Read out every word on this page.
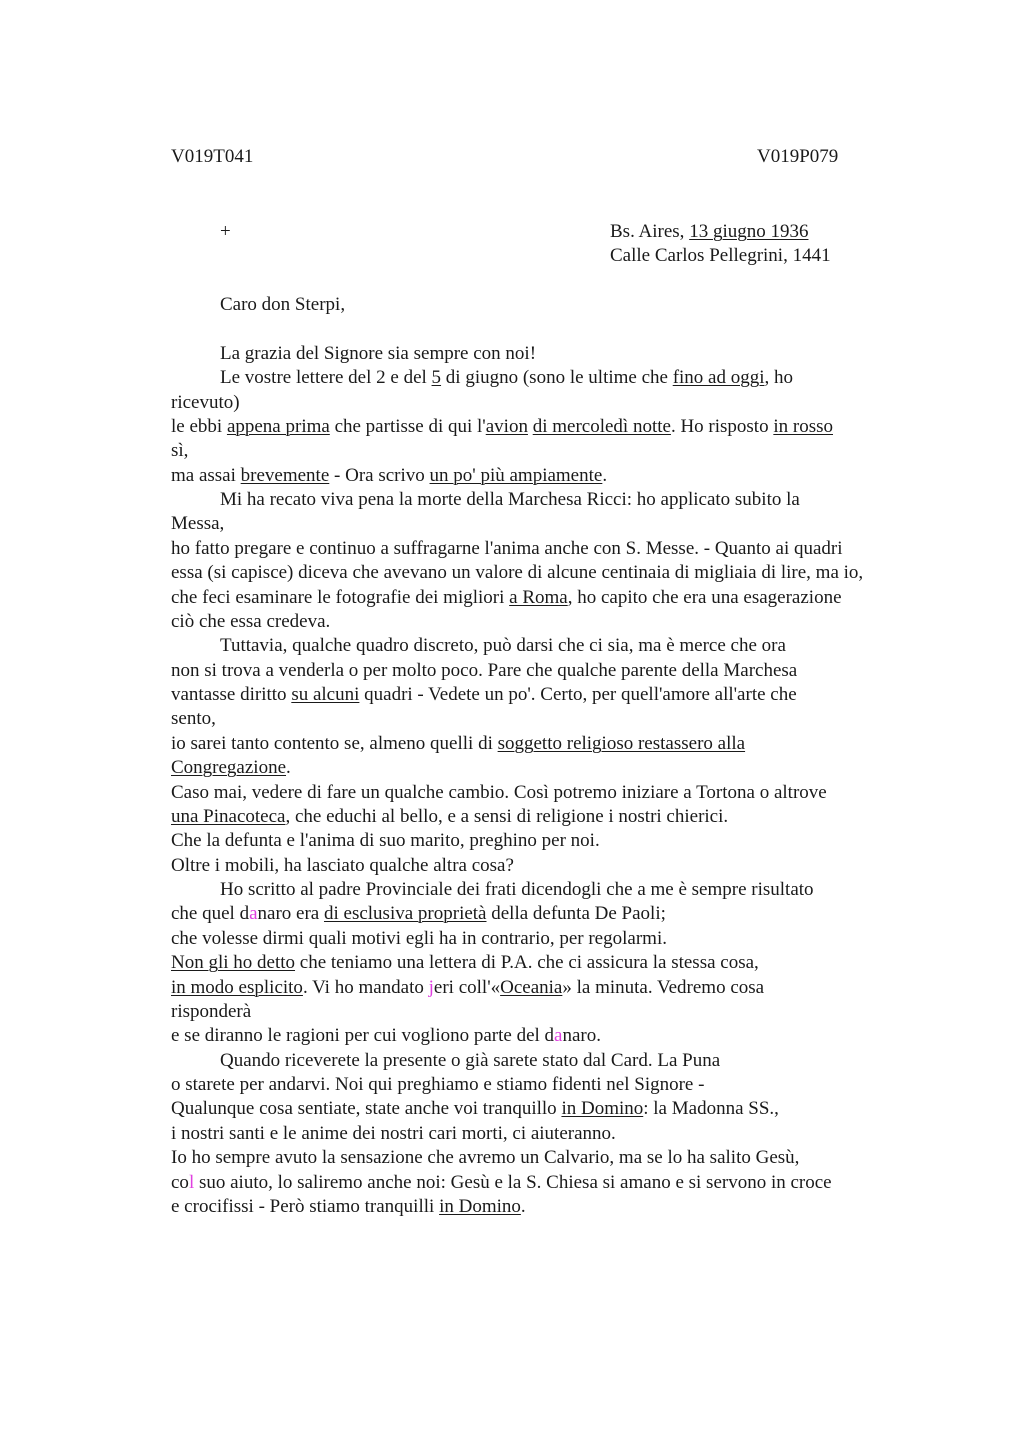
V019T041	V019P079
+	Bs. Aires, 13 giugno 1936
Calle Carlos Pellegrini, 1441
Caro don Sterpi,
La grazia del Signore sia sempre con noi!
Le vostre lettere del 2 e del 5 di giugno (sono le ultime che fino ad oggi, ho
ricevuto)
le ebbi appena prima che partisse di qui l'avion di mercoledì notte. Ho risposto in rosso
sì,
ma assai brevemente - Ora scrivo un po' più ampiamente.
Mi ha recato viva pena la morte della Marchesa Ricci: ho applicato subito la
Messa,
ho fatto pregare e continuo a suffragarne l'anima anche con S. Messe. - Quanto ai quadri
essa (si capisce) diceva che avevano un valore di alcune centinaia di migliaia di lire, ma io,
che feci esaminare le fotografie dei migliori a Roma, ho capito che era una esagerazione
ciò che essa credeva.
Tuttavia, qualche quadro discreto, può darsi che ci sia, ma è merce che ora
non si trova a venderla o per molto poco. Pare che qualche parente della Marchesa
vantasse diritto su alcuni quadri - Vedete un po'. Certo, per quell'amore all'arte che
sento,
io sarei tanto contento se, almeno quelli di soggetto religioso restassero alla
Congregazione.
Caso mai, vedere di fare un qualche cambio. Così potremo iniziare a Tortona o altrove
una Pinacoteca, che educhi al bello, e a sensi di religione i nostri chierici.
Che la defunta e l'anima di suo marito, preghino per noi.
Oltre i mobili, ha lasciato qualche altra cosa?
Ho scritto al padre Provinciale dei frati dicendogli che a me è sempre risultato
che quel danaro era di esclusiva proprietà della defunta De Paoli;
che volesse dirmi quali motivi egli ha in contrario, per regolarmi.
Non gli ho detto che teniamo una lettera di P.A. che ci assicura la stessa cosa,
in modo esplicito. Vi ho mandato jeri coll'«Oceania» la minuta. Vedremo cosa
risponderà
e se diranno le ragioni per cui vogliono parte del danaro.
Quando riceverete la presente o già sarete stato dal Card. La Puna
o starete per andarvi. Noi qui preghiamo e stiamo fidenti nel Signore -
Qualunque cosa sentiate, state anche voi tranquillo in Domino: la Madonna SS.,
i nostri santi e le anime dei nostri cari morti, ci aiuteranno.
Io ho sempre avuto la sensazione che avremo un Calvario, ma se lo ha salito Gesù,
col suo aiuto, lo saliremo anche noi: Gesù e la S. Chiesa si amano e si servono in croce
e crocifissi - Però stiamo tranquilli in Domino.
